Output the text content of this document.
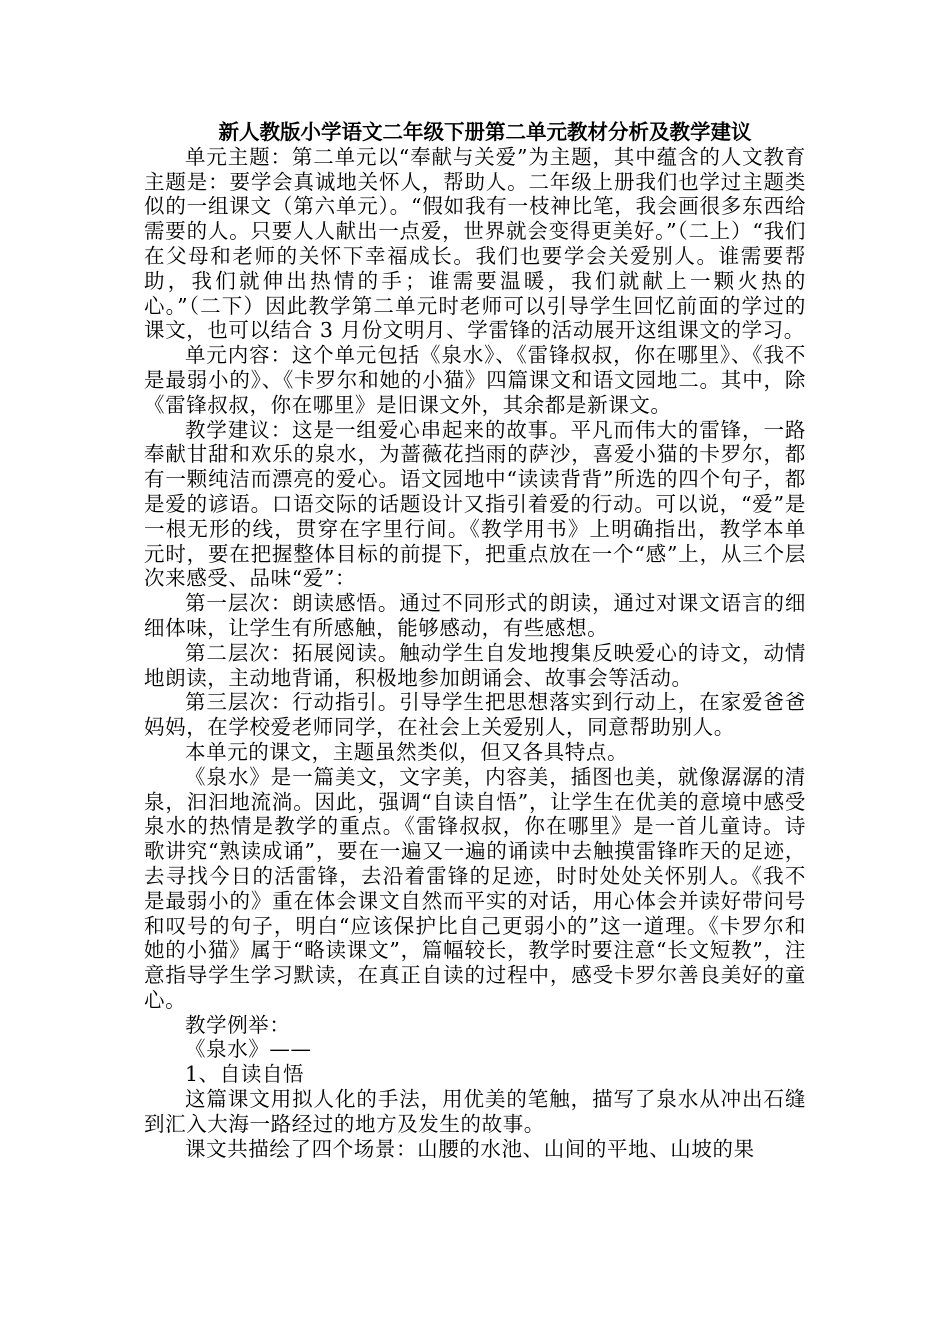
新人教版小学语文二年级下册第二单元教材分析及教学建议

单元主题：第二单元以“奉献与关爱”为主题，其中蕴含的人文教育主题是：要学会真诚地关怀人，帮助人。二年级上册我们也学过主题类似的一组课文（第六单元）。“假如我有一枝神比笔，我会画很多东西给需要的人。只要人人献出一点爱，世界就会变得更美好。”（二上）“我们在父母和老师的关怀下幸福成长。我们也要学会关爱别人。谁需要帮助，我们就伸出热情的手；谁需要温暖，我们就献上一颗火热的心。”（二下）因此教学第二单元时老师可以引导学生回忆前面的学过的课文，也可以结合 3 月份文明月、学雷锋的活动展开这组课文的学习。

单元内容：这个单元包括《泉水》、《雷锋叔叔，你在哪里》、《我不是最弱小的》、《卡罗尔和她的小猫》四篇课文和语文园地二。其中，除《雷锋叔叔，你在哪里》是旧课文外，其余都是新课文。

教学建议：这是一组爱心串起来的故事。平凡而伟大的雷锋，一路奉献甘甜和欢乐的泉水，为蔷薇花挡雨的萨沙，喜爱小猫的卡罗尔，都有一颗纯洁而漂亮的爱心。语文园地中“读读背背”所选的四个句子，都是爱的谚语。口语交际的话题设计又指引着爱的行动。可以说，“爱”是一根无形的线，贯穿在字里行间。《教学用书》上明确指出，教学本单元时，要在把握整体目标的前提下，把重点放在一个“感”上，从三个层次来感受、品味“爱”：

第一层次：朗读感悟。通过不同形式的朗读，通过对课文语言的细细体味，让学生有所感触，能够感动，有些感想。

第二层次：拓展阅读。触动学生自发地搜集反映爱心的诗文，动情地朗读，主动地背诵，积极地参加朗诵会、故事会等活动。

第三层次：行动指引。引导学生把思想落实到行动上，在家爱爸爸妈妈，在学校爱老师同学，在社会上关爱别人，同意帮助别人。

本单元的课文，主题虽然类似，但又各具特点。

《泉水》是一篇美文，文字美，内容美，插图也美，就像潺潺的清泉，汩汩地流淌。因此，强调“自读自悟”，让学生在优美的意境中感受泉水的热情是教学的重点。《雷锋叔叔，你在哪里》是一首儿童诗。诗歌讲究“熟读成诵”，要在一遍又一遍的诵读中去触摸雷锋昨天的足迹，去寻找今日的活雷锋，去沿着雷锋的足迹，时时处处关怀别人。《我不是最弱小的》重在体会课文自然而平实的对话，用心体会并读好带问号和叹号的句子，明白“应该保护比自己更弱小的”这一道理。《卡罗尔和她的小猫》属于“略读课文”，篇幅较长，教学时要注意“长文短教”，注意指导学生学习默读，在真正自读的过程中，感受卡罗尔善良美好的童心。

教学例举：

《泉水》——

1、自读自悟

这篇课文用拟人化的手法，用优美的笔触，描写了泉水从冲出石缝到汇入大海一路经过的地方及发生的故事。

课文共描绘了四个场景：山腰的水池、山间的平地、山坡的果
